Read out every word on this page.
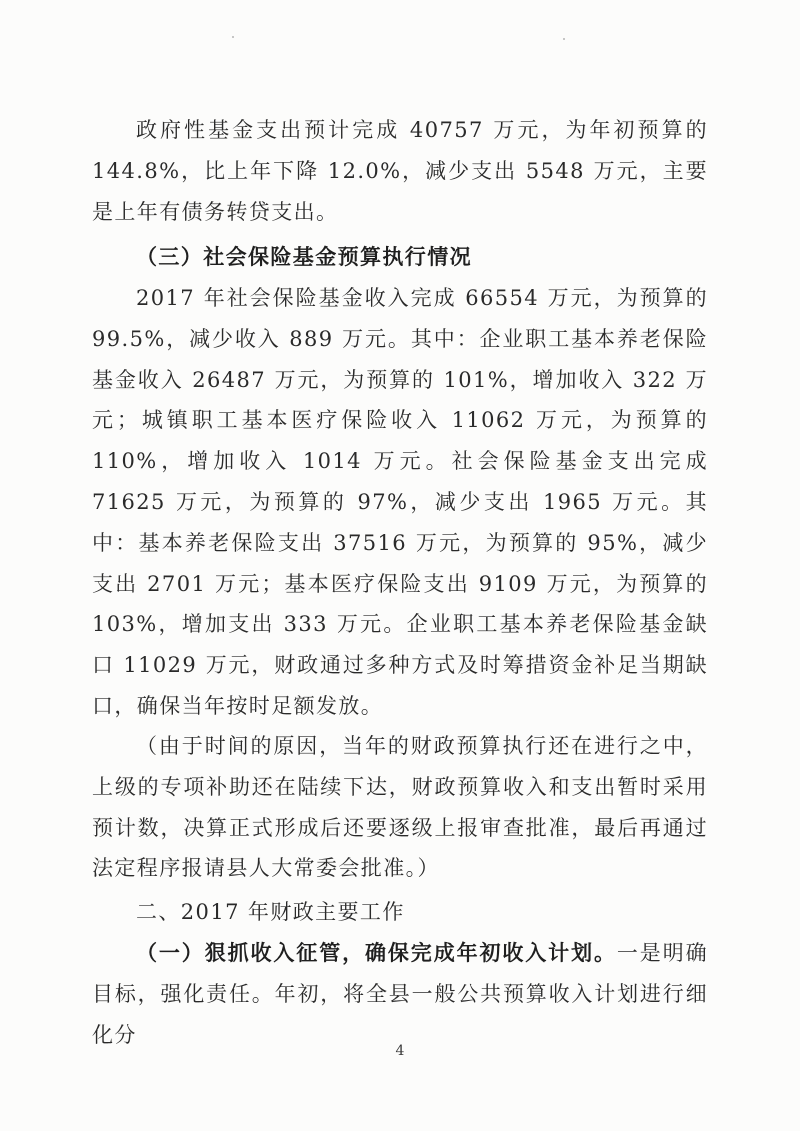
政府性基金支出预计完成 40757 万元，为年初预算的 144.8%，比上年下降 12.0%，减少支出 5548 万元，主要是上年有债务转贷支出。

（三）社会保险基金预算执行情况

2017 年社会保险基金收入完成 66554 万元，为预算的 99.5%，减少收入 889 万元。其中：企业职工基本养老保险基金收入 26487 万元，为预算的 101%，增加收入 322 万元；城镇职工基本医疗保险收入 11062 万元，为预算的 110%，增加收入 1014 万元。社会保险基金支出完成 71625 万元，为预算的 97%，减少支出 1965 万元。其中：基本养老保险支出 37516 万元，为预算的 95%，减少支出 2701 万元；基本医疗保险支出 9109 万元，为预算的 103%，增加支出 333 万元。企业职工基本养老保险基金缺口 11029 万元，财政通过多种方式及时筹措资金补足当期缺口，确保当年按时足额发放。

（由于时间的原因，当年的财政预算执行还在进行之中，上级的专项补助还在陆续下达，财政预算收入和支出暂时采用预计数，决算正式形成后还要逐级上报审查批准，最后再通过法定程序报请县人大常委会批准。）

二、2017 年财政主要工作

（一）狠抓收入征管，确保完成年初收入计划。一是明确目标，强化责任。年初，将全县一般公共预算收入计划进行细化分

4
